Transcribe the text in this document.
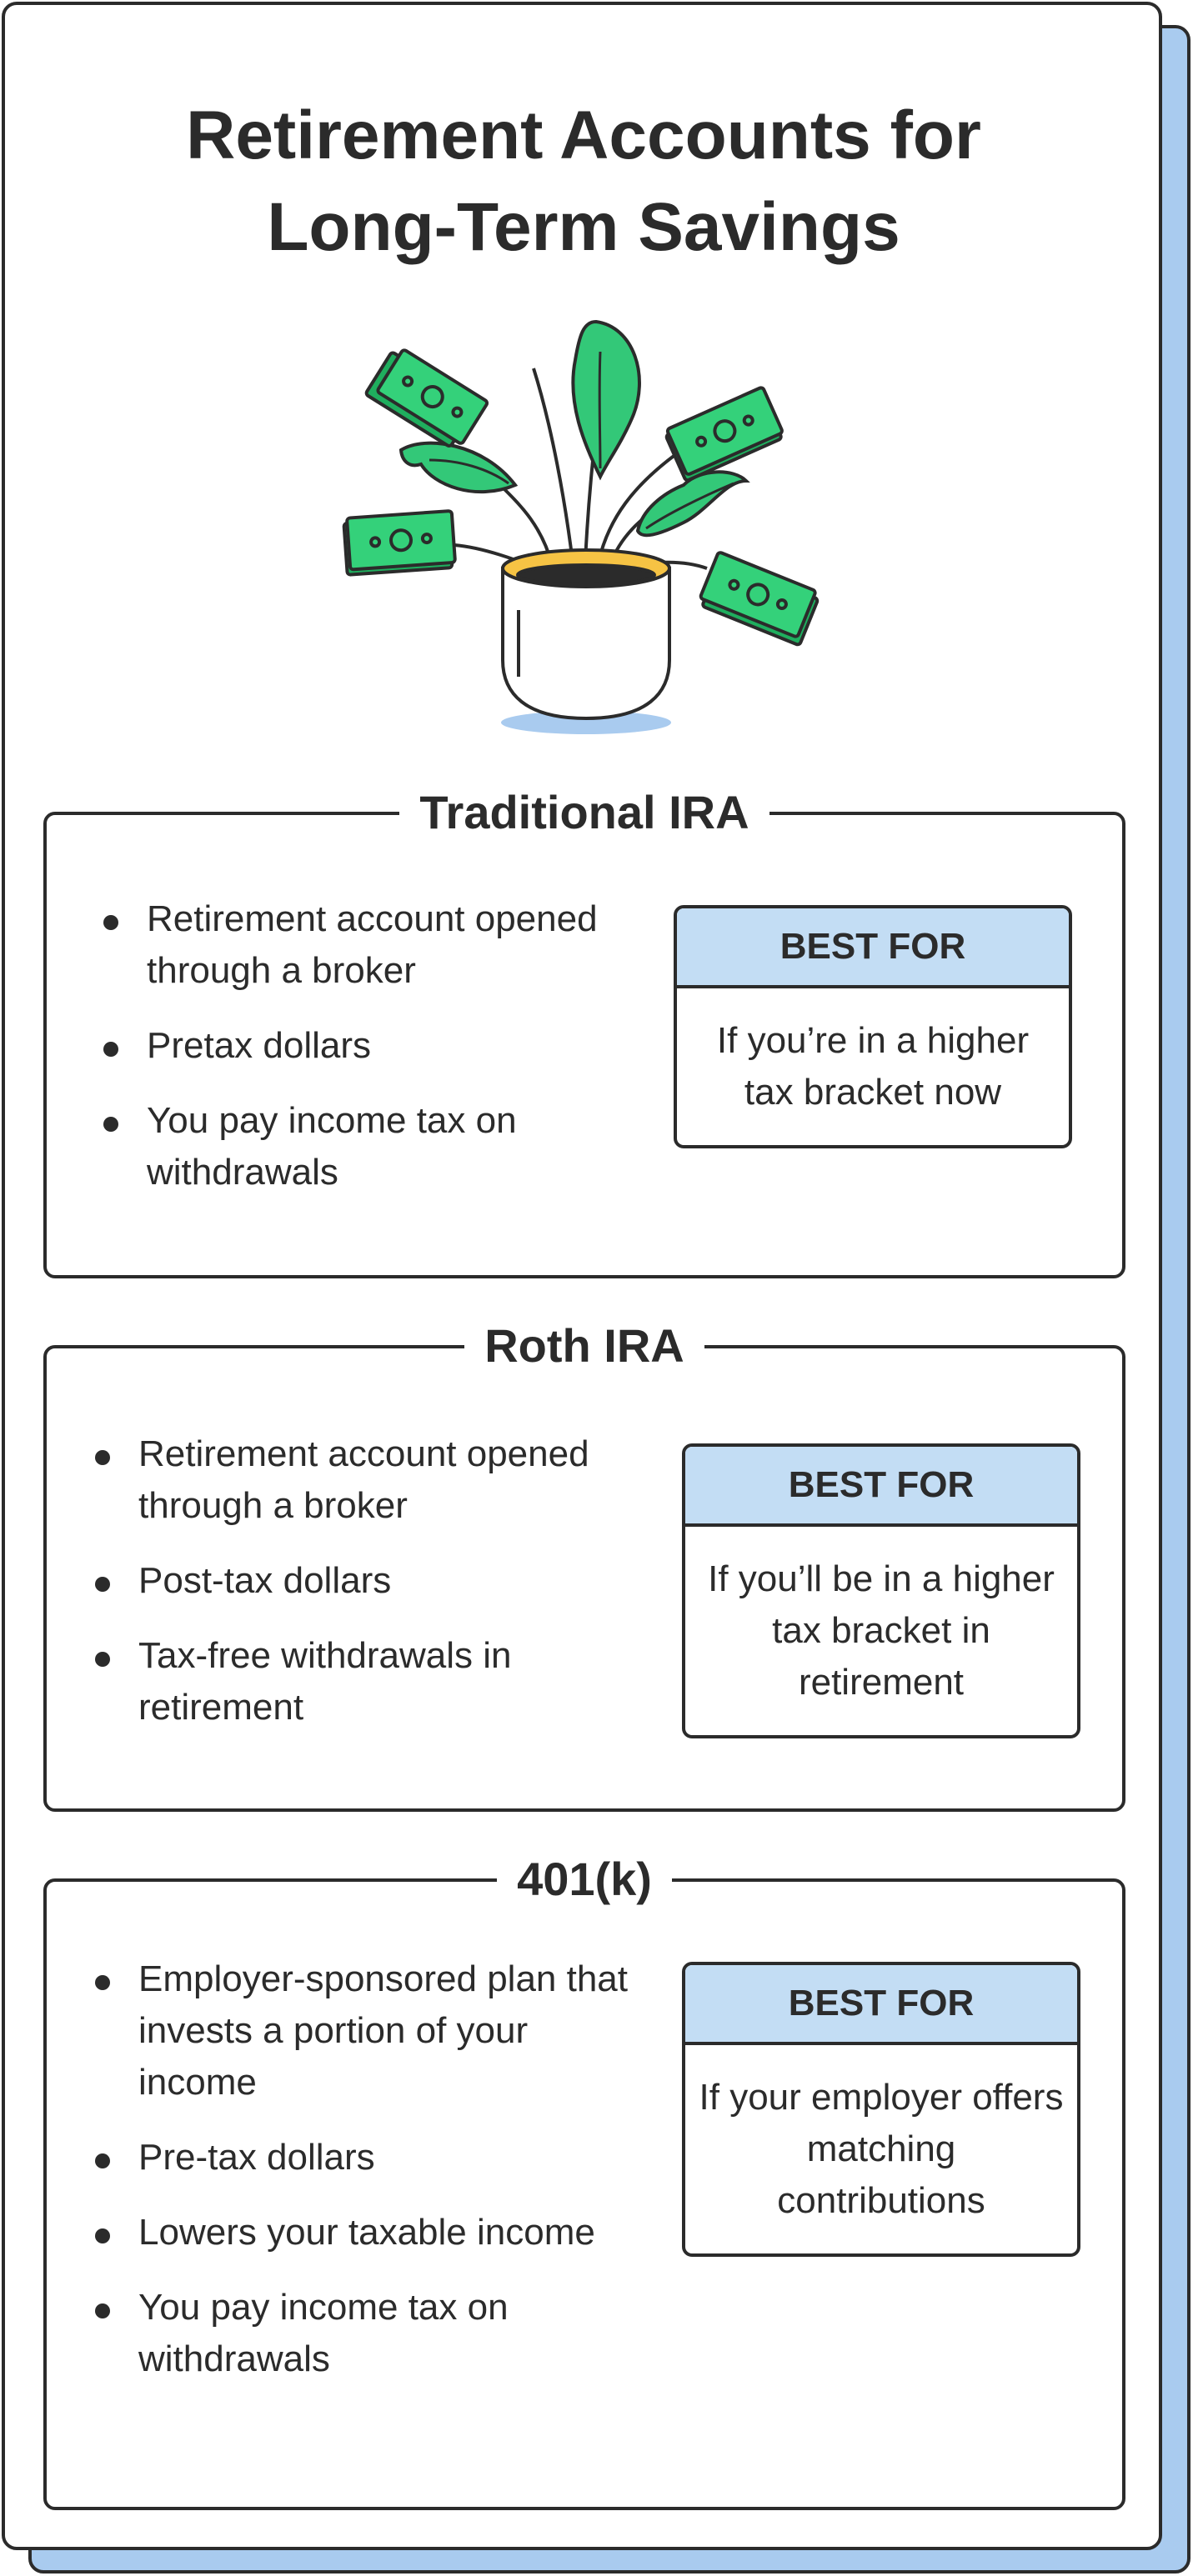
Retirement Accounts for
Long-Term Savings
Traditional IRA
Retirement account opened through a broker
Pretax dollars
You pay income tax on withdrawals
BEST FOR
If you’re in a higher tax bracket now
Roth IRA
Retirement account opened through a broker
Post-tax dollars
Tax-free withdrawals in retirement
BEST FOR
If you’ll be in a higher tax bracket in retirement
401(k)
Employer-sponsored plan that invests a portion of your income
Pre-tax dollars
Lowers your taxable income
You pay income tax on withdrawals
BEST FOR
If your employer offers matching contributions
